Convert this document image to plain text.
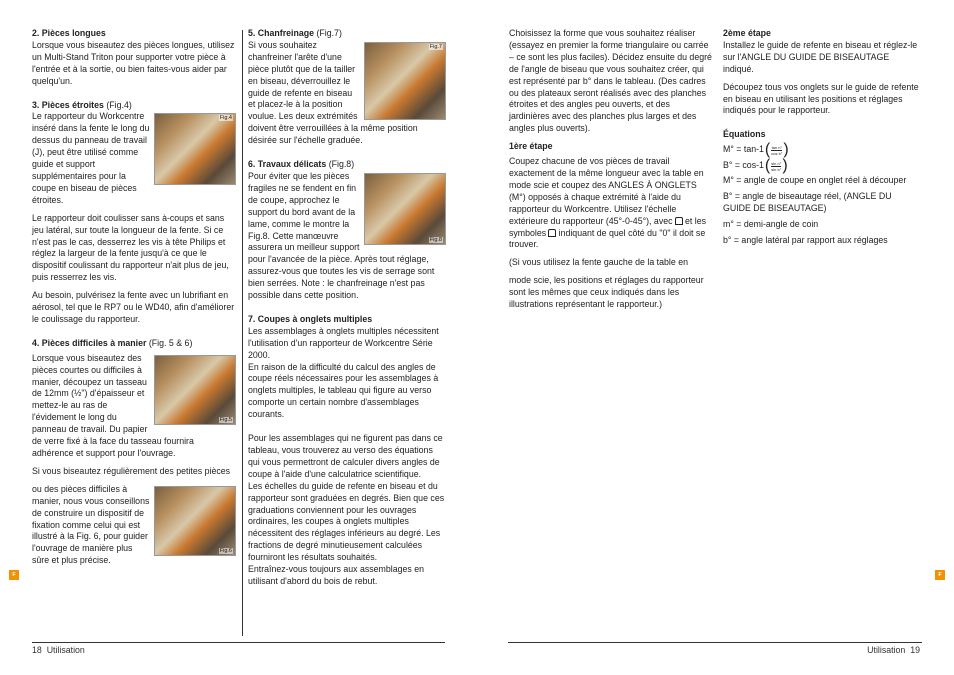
2. Pièces longues

Lorsque vous biseautez des pièces longues, utilisez un Multi-Stand Triton pour supporter votre pièce à l'entrée et à la sortie, ou bien faites-vous aider par quelqu'un.

3. Pièces étroites (Fig.4)
Fig.4

Le rapporteur du Workcentre inséré dans la fente le long du dessus du panneau de travail (J), peut être utilisé comme guide et support supplémentaires pour la coupe en biseau de pièces étroites.

Le rapporteur doit coulisser sans à-coups et sans jeu latéral, sur toute la longueur de la fente. Si ce n'est pas le cas, desserrez les vis à tête Philips et réglez la largeur de la fente jusqu'à ce que le dispositif coulissant du rapporteur n'ait plus de jeu, puis resserrez les vis.

Au besoin, pulvérisez la fente avec un lubrifiant en aérosol, tel que le RP7 ou le WD40, afin d'améliorer le coulissage du rapporteur.

4. Pièces difficiles à manier (Fig. 5 & 6)
Fig.5

Lorsque vous biseautez des pièces courtes ou difficiles à manier, découpez un tasseau de 12mm (½") d'épaisseur et mettez-le au ras de l'évidement le long du panneau de travail. Du papier de verre fixé à la face du tasseau fournira adhérence et support pour l'ouvrage.

Si vous biseautez régulièrement des petites pièces

Fig.6

ou des pièces difficiles à manier, nous vous conseillons de construire un dispositif de fixation comme celui qui est illustré à la Fig. 6, pour guider l'ouvrage de manière plus sûre et plus précise.

5. Chanfreinage (Fig.7)
Fig.7

Si vous souhaitez chanfreiner l'arête d'une pièce plutôt que de la tailler en biseau, déverrouillez le guide de refente en biseau et placez-le à la position voulue. Les deux extrémités doivent être verrouillées à la même position désirée sur l'échelle graduée.

6. Travaux délicats (Fig.8)
Fig.8

Pour éviter que les pièces fragiles ne se fendent en fin de coupe, approchez le support du bord avant de la lame, comme le montre la Fig.8. Cette manœuvre assurera un meilleur support pour l'avancée de la pièce. Après tout réglage, assurez-vous que toutes les vis de serrage sont bien serrées. Note : le chanfreinage n'est pas possible dans cette position.

7. Coupes à onglets multiples

Les assemblages à onglets multiples nécessitent l'utilisation d'un rapporteur de Workcentre Série 2000.

En raison de la difficulté du calcul des angles de coupe réels nécessaires pour les assemblages à onglets multiples, le tableau qui figure au verso comporte un certain nombre d'assemblages courants.

Pour les assemblages qui ne figurent pas dans ce tableau, vous trouverez au verso des équations qui vous permettront de calculer divers angles de coupe à l'aide d'une calculatrice scientifique.

Les échelles du guide de refente en biseau et du rapporteur sont graduées en degrés. Bien que ces graduations conviennent pour les ouvrages ordinaires, les coupes à onglets multiples nécessitent des réglages inférieurs au degré. Les fractions de degré minutieusement calculées fourniront les résultats souhaités.

Entraînez-vous toujours aux assemblages en utilisant d'abord du bois de rebut.

Choisissez la forme que vous souhaitez réaliser (essayez en premier la forme triangulaire ou carrée – ce sont les plus faciles). Décidez ensuite du degré de l'angle de biseau que vous souhaitez créer, qui est représenté par b° dans le tableau. (Des cadres ou des plateaux seront réalisés avec des planches étroites et des angles peu ouverts, et des jardinières avec des planches plus larges et des angles plus ouverts).

1ère étape

Coupez chacune de vos pièces de travail exactement de la même longueur avec la table en mode scie et coupez des ANGLES À ONGLETS (M°) opposés à chaque extrémité à l'aide du rapporteur du Workcentre. Utilisez l'échelle extérieure du rapporteur (45°-0-45°), avec et les symboles indiquant de quel côté du "0" il doit se trouver.

(Si vous utilisez la fente gauche de la table en

mode scie, les positions et réglages du rapporteur sont les mêmes que ceux indiqués dans les illustrations représentant le rapporteur.)

2ème étape

Installez le guide de refente en biseau et réglez-le sur l'ANGLE DU GUIDE DE BISEAUTAGE indiqué.

Découpez tous vos onglets sur le guide de refente en biseau en utilisant les positions et réglages indiqués pour le rapporteur.

Équations
M° = tan-1 ( $\frac{\text{tan n°}}{\text{cos b°}}$ )
B° = cos-1 ( $\frac{\text{sin n°}}{\text{sin b°}}$ )

M° = angle de coupe en onglet réel à découper

B° = angle de biseautage réel, (ANGLE DU GUIDE DE BISEAUTAGE)

m° = demi-angle de coin

b° = angle latéral par rapport aux réglages

18 Utilisation	Utilisation 19
F	F
